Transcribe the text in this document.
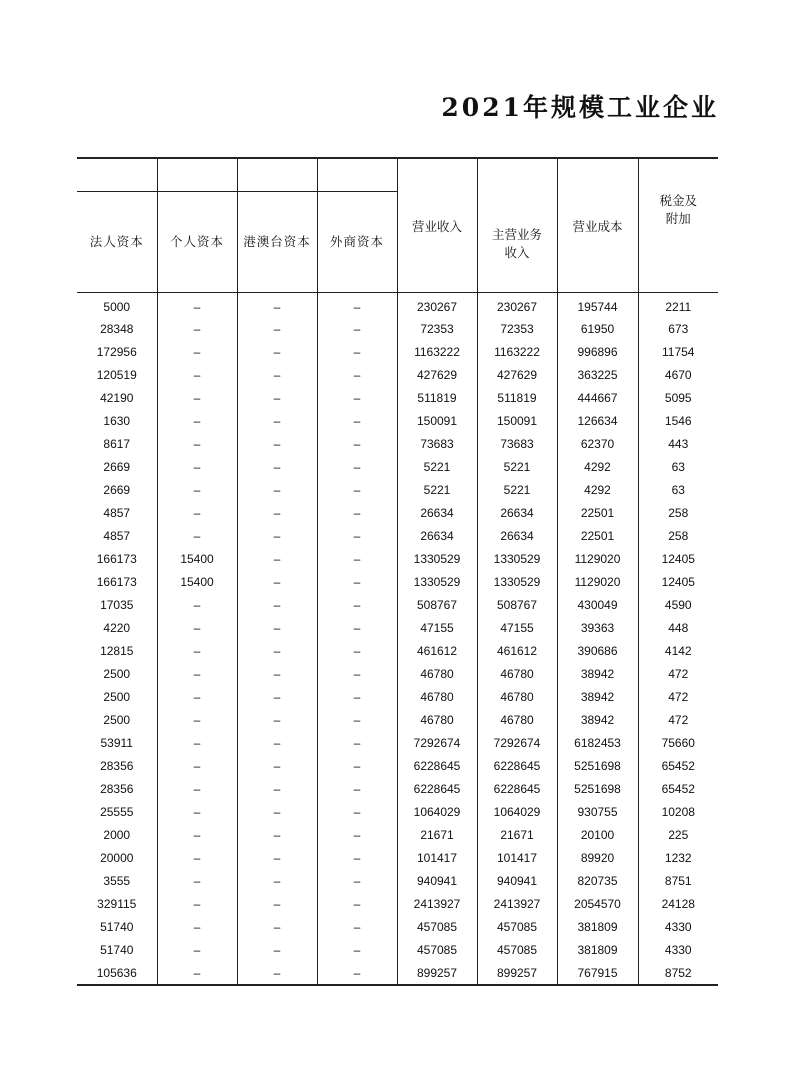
2021年规模工业企业
				营业收入	主营业务
收入	营业成本	税金及
附加
法人资本	个人资本	港澳台资本	外商资本				
5000	–	–	–	230267	230267	195744	2211
28348	–	–	–	72353	72353	61950	673
172956	–	–	–	1163222	1163222	996896	11754
120519	–	–	–	427629	427629	363225	4670
42190	–	–	–	511819	511819	444667	5095
1630	–	–	–	150091	150091	126634	1546
8617	–	–	–	73683	73683	62370	443
2669	–	–	–	5221	5221	4292	63
2669	–	–	–	5221	5221	4292	63
4857	–	–	–	26634	26634	22501	258
4857	–	–	–	26634	26634	22501	258
166173	15400	–	–	1330529	1330529	1129020	12405
166173	15400	–	–	1330529	1330529	1129020	12405
17035	–	–	–	508767	508767	430049	4590
4220	–	–	–	47155	47155	39363	448
12815	–	–	–	461612	461612	390686	4142
2500	–	–	–	46780	46780	38942	472
2500	–	–	–	46780	46780	38942	472
2500	–	–	–	46780	46780	38942	472
53911	–	–	–	7292674	7292674	6182453	75660
28356	–	–	–	6228645	6228645	5251698	65452
28356	–	–	–	6228645	6228645	5251698	65452
25555	–	–	–	1064029	1064029	930755	10208
2000	–	–	–	21671	21671	20100	225
20000	–	–	–	101417	101417	89920	1232
3555	–	–	–	940941	940941	820735	8751
329115	–	–	–	2413927	2413927	2054570	24128
51740	–	–	–	457085	457085	381809	4330
51740	–	–	–	457085	457085	381809	4330
105636	–	–	–	899257	899257	767915	8752
